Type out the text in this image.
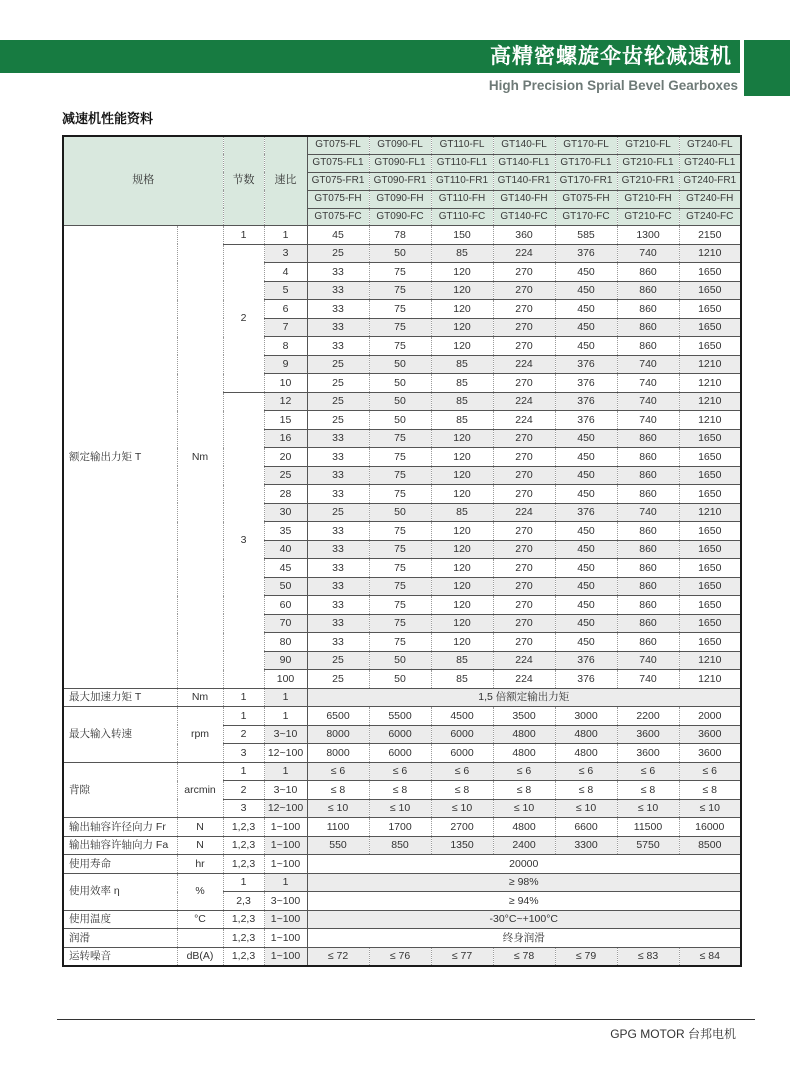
高精密螺旋伞齿轮减速机
High Precision Sprial Bevel Gearboxes
减速机性能资料
规格		节数	速比	GT075-FL	GT090-FL	GT110-FL	GT140-FL	GT170-FL	GT210-FL	GT240-FL
				GT075-FL1	GT090-FL1	GT110-FL1	GT140-FL1	GT170-FL1	GT210-FL1	GT240-FL1
				GT075-FR1	GT090-FR1	GT110-FR1	GT140-FR1	GT170-FR1	GT210-FR1	GT240-FR1
				GT075-FH	GT090-FH	GT110-FH	GT140-FH	GT075-FH	GT210-FH	GT240-FH
				GT075-FC	GT090-FC	GT110-FC	GT140-FC	GT170-FC	GT210-FC	GT240-FC
额定输出力矩 T	Nm	1	1	45	78	150	360	585	1300	2150
		2	3	25	50	85	224	376	740	1210
			4	33	75	120	270	450	860	1650
			5	33	75	120	270	450	860	1650
			6	33	75	120	270	450	860	1650
			7	33	75	120	270	450	860	1650
			8	33	75	120	270	450	860	1650
			9	25	50	85	224	376	740	1210
			10	25	50	85	270	376	740	1210
		3	12	25	50	85	224	376	740	1210
			15	25	50	85	224	376	740	1210
			16	33	75	120	270	450	860	1650
			20	33	75	120	270	450	860	1650
			25	33	75	120	270	450	860	1650
			28	33	75	120	270	450	860	1650
			30	25	50	85	224	376	740	1210
			35	33	75	120	270	450	860	1650
			40	33	75	120	270	450	860	1650
			45	33	75	120	270	450	860	1650
			50	33	75	120	270	450	860	1650
			60	33	75	120	270	450	860	1650
			70	33	75	120	270	450	860	1650
			80	33	75	120	270	450	860	1650
			90	25	50	85	224	376	740	1210
			100	25	50	85	224	376	740	1210
最大加速力矩 T	Nm	1	1	1,5 倍额定输出力矩						
最大输入转速	rpm	1	1	6500	5500	4500	3500	3000	2200	2000
		2	3~10	8000	6000	6000	4800	4800	3600	3600
		3	12~100	8000	6000	6000	4800	4800	3600	3600
背隙	arcmin	1	1	≤ 6	≤ 6	≤ 6	≤ 6	≤ 6	≤ 6	≤ 6
		2	3~10	≤ 8	≤ 8	≤ 8	≤ 8	≤ 8	≤ 8	≤ 8
		3	12~100	≤ 10	≤ 10	≤ 10	≤ 10	≤ 10	≤ 10	≤ 10
输出轴容许径向力 Fr	N	1,2,3	1~100	1100	1700	2700	4800	6600	11500	16000
输出轴容许轴向力 Fa	N	1,2,3	1~100	550	850	1350	2400	3300	5750	8500
使用寿命	hr	1,2,3	1~100	20000						
使用效率 η	%	1	1	≥ 98%						
		2,3	3~100	≥ 94%						
使用温度	°C	1,2,3	1~100	-30°C~+100°C						
润滑		1,2,3	1~100	终身润滑						
运转噪音	dB(A)	1,2,3	1~100	≤ 72	≤ 76	≤ 77	≤ 78	≤ 79	≤ 83	≤ 84
GPG MOTOR 台邦电机
